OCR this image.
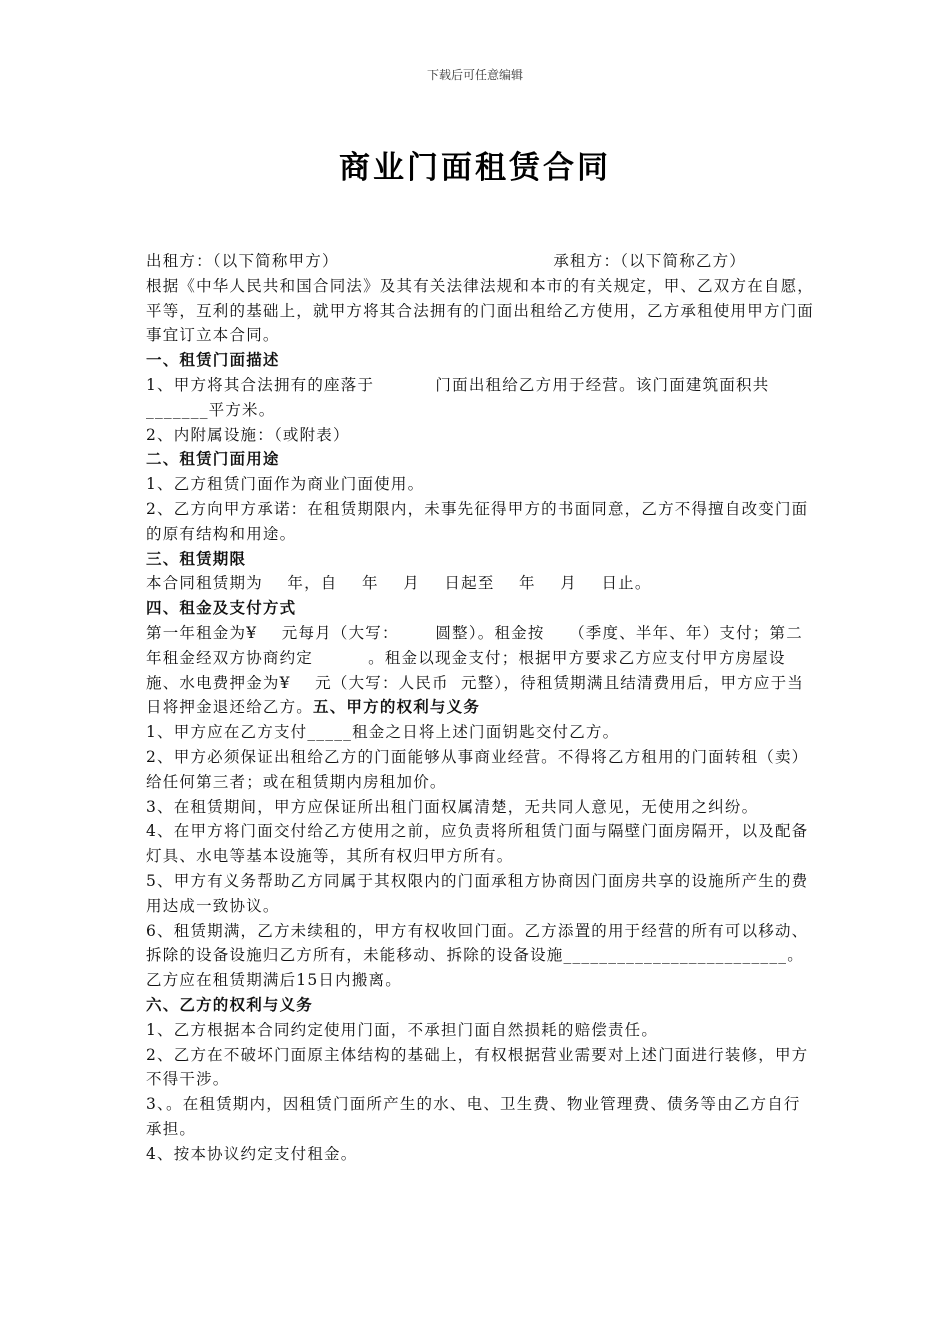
下载后可任意编辑
商业门面租赁合同

出租方：（以下简称甲方）	承租方：（以下简称乙方）

根据《中华人民共和国合同法》及其有关法律法规和本市的有关规定，甲、乙双方在自愿，平等，互利的基础上，就甲方将其合法拥有的门面出租给乙方使用，乙方承租使用甲方门面事宜订立本合同。

一、租赁门面描述

1、甲方将其合法拥有的座落于          门面出租给乙方用于经营。该门面建筑面积共_______平方米。

2、内附属设施：（或附表）

二、租赁门面用途

1、乙方租赁门面作为商业门面使用。

2、乙方向甲方承诺：在租赁期限内，未事先征得甲方的书面同意，乙方不得擅自改变门面的原有结构和用途。

三、租赁期限

本合同租赁期为    年，自    年    月    日起至    年    月    日止。

四、租金及支付方式

第一年租金为¥    元每月（大写：      圆整）。租金按    （季度、半年、年）支付；第二年租金经双方协商约定         。租金以现金支付；根据甲方要求乙方应支付甲方房屋设施、水电费押金为¥    元（大写：人民币  元整），待租赁期满且结清费用后，甲方应于当日将押金退还给乙方。五、甲方的权利与义务

1、甲方应在乙方支付_____租金之日将上述门面钥匙交付乙方。

2、甲方必须保证出租给乙方的门面能够从事商业经营。不得将乙方租用的门面转租（卖）给任何第三者；或在租赁期内房租加价。

3、在租赁期间，甲方应保证所出租门面权属清楚，无共同人意见，无使用之纠纷。

4、在甲方将门面交付给乙方使用之前，应负责将所租赁门面与隔壁门面房隔开，以及配备灯具、水电等基本设施等，其所有权归甲方所有。

5、甲方有义务帮助乙方同属于其权限内的门面承租方协商因门面房共享的设施所产生的费用达成一致协议。

6、租赁期满，乙方未续租的，甲方有权收回门面。乙方添置的用于经营的所有可以移动、拆除的设备设施归乙方所有，未能移动、拆除的设备设施_________________________。乙方应在租赁期满后15日内搬离。

六、乙方的权利与义务

1、乙方根据本合同约定使用门面，不承担门面自然损耗的赔偿责任。

2、乙方在不破坏门面原主体结构的基础上，有权根据营业需要对上述门面进行装修，甲方不得干涉。

3、。在租赁期内，因租赁门面所产生的水、电、卫生费、物业管理费、债务等由乙方自行承担。

4、按本协议约定支付租金。
